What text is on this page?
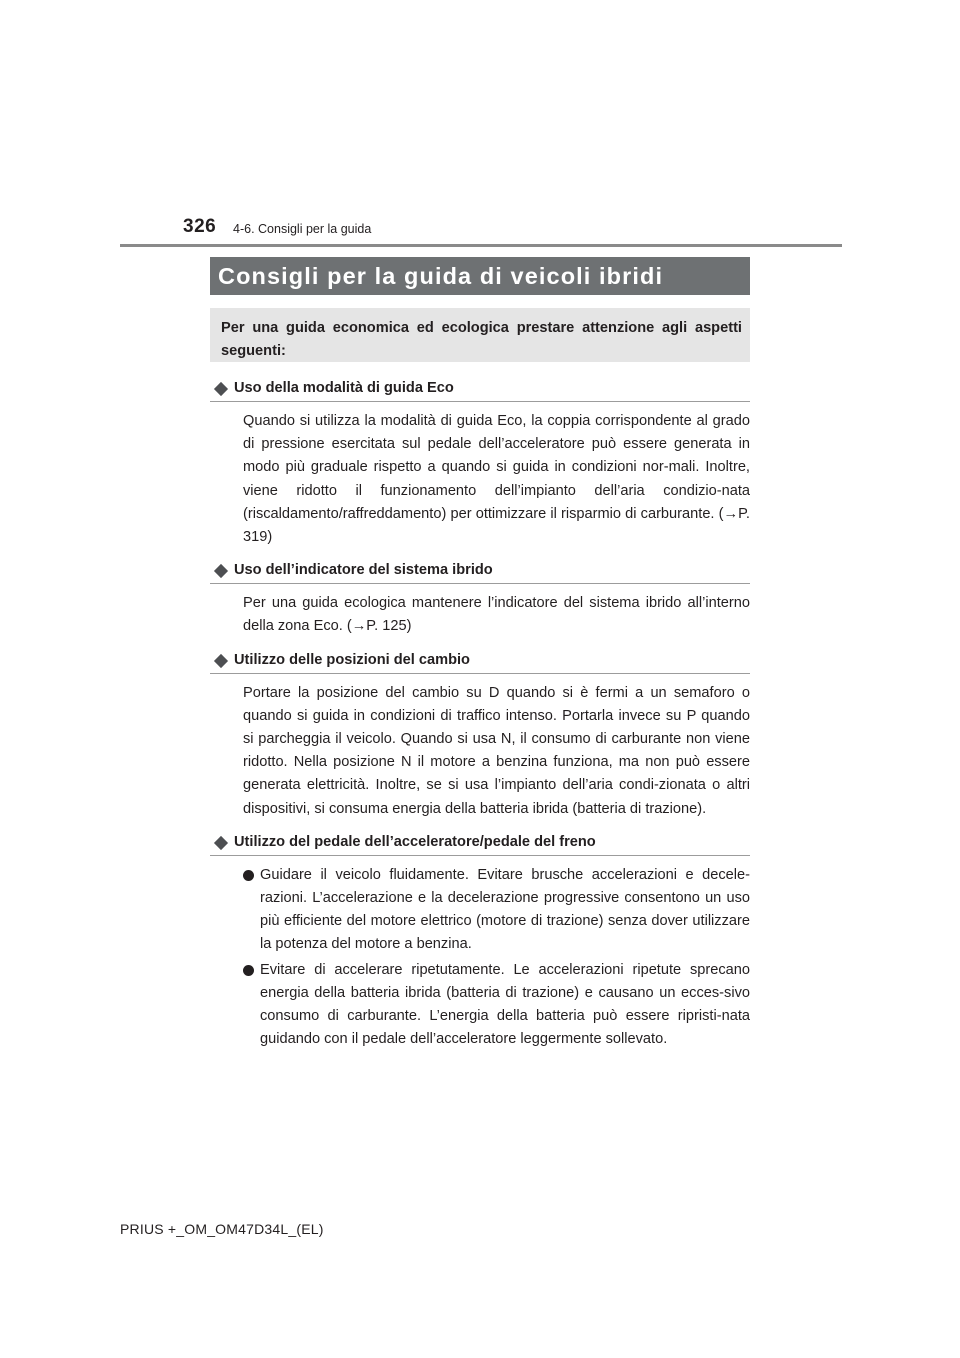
326 4-6. Consigli per la guida
Consigli per la guida di veicoli ibridi
Per una guida economica ed ecologica prestare attenzione agli aspetti seguenti:
Uso della modalità di guida Eco

Quando si utilizza la modalità di guida Eco, la coppia corrispondente al grado di pressione esercitata sul pedale dell’acceleratore può essere generata in modo più graduale rispetto a quando si guida in condizioni nor-mali. Inoltre, viene ridotto il funzionamento dell’impianto dell’aria condizio-nata (riscaldamento/raffreddamento) per ottimizzare il risparmio di carburante. (→P. 319)

Uso dell’indicatore del sistema ibrido

Per una guida ecologica mantenere l’indicatore del sistema ibrido all’interno della zona Eco. (→P. 125)

Utilizzo delle posizioni del cambio

Portare la posizione del cambio su D quando si è fermi a un semaforo o quando si guida in condizioni di traffico intenso. Portarla invece su P quando si parcheggia il veicolo. Quando si usa N, il consumo di carburante non viene ridotto. Nella posizione N il motore a benzina funziona, ma non può essere generata elettricità. Inoltre, se si usa l’impianto dell’aria condi-zionata o altri dispositivi, si consuma energia della batteria ibrida (batteria di trazione).

Utilizzo del pedale dell’acceleratore/pedale del freno
Guidare il veicolo fluidamente. Evitare brusche accelerazioni e decele-razioni. L’accelerazione e la decelerazione progressive consentono un uso più efficiente del motore elettrico (motore di trazione) senza dover utilizzare la potenza del motore a benzina.
Evitare di accelerare ripetutamente. Le accelerazioni ripetute sprecano energia della batteria ibrida (batteria di trazione) e causano un ecces-sivo consumo di carburante. L’energia della batteria può essere ripristi-nata guidando con il pedale dell’acceleratore leggermente sollevato.
PRIUS +_OM_OM47D34L_(EL)
